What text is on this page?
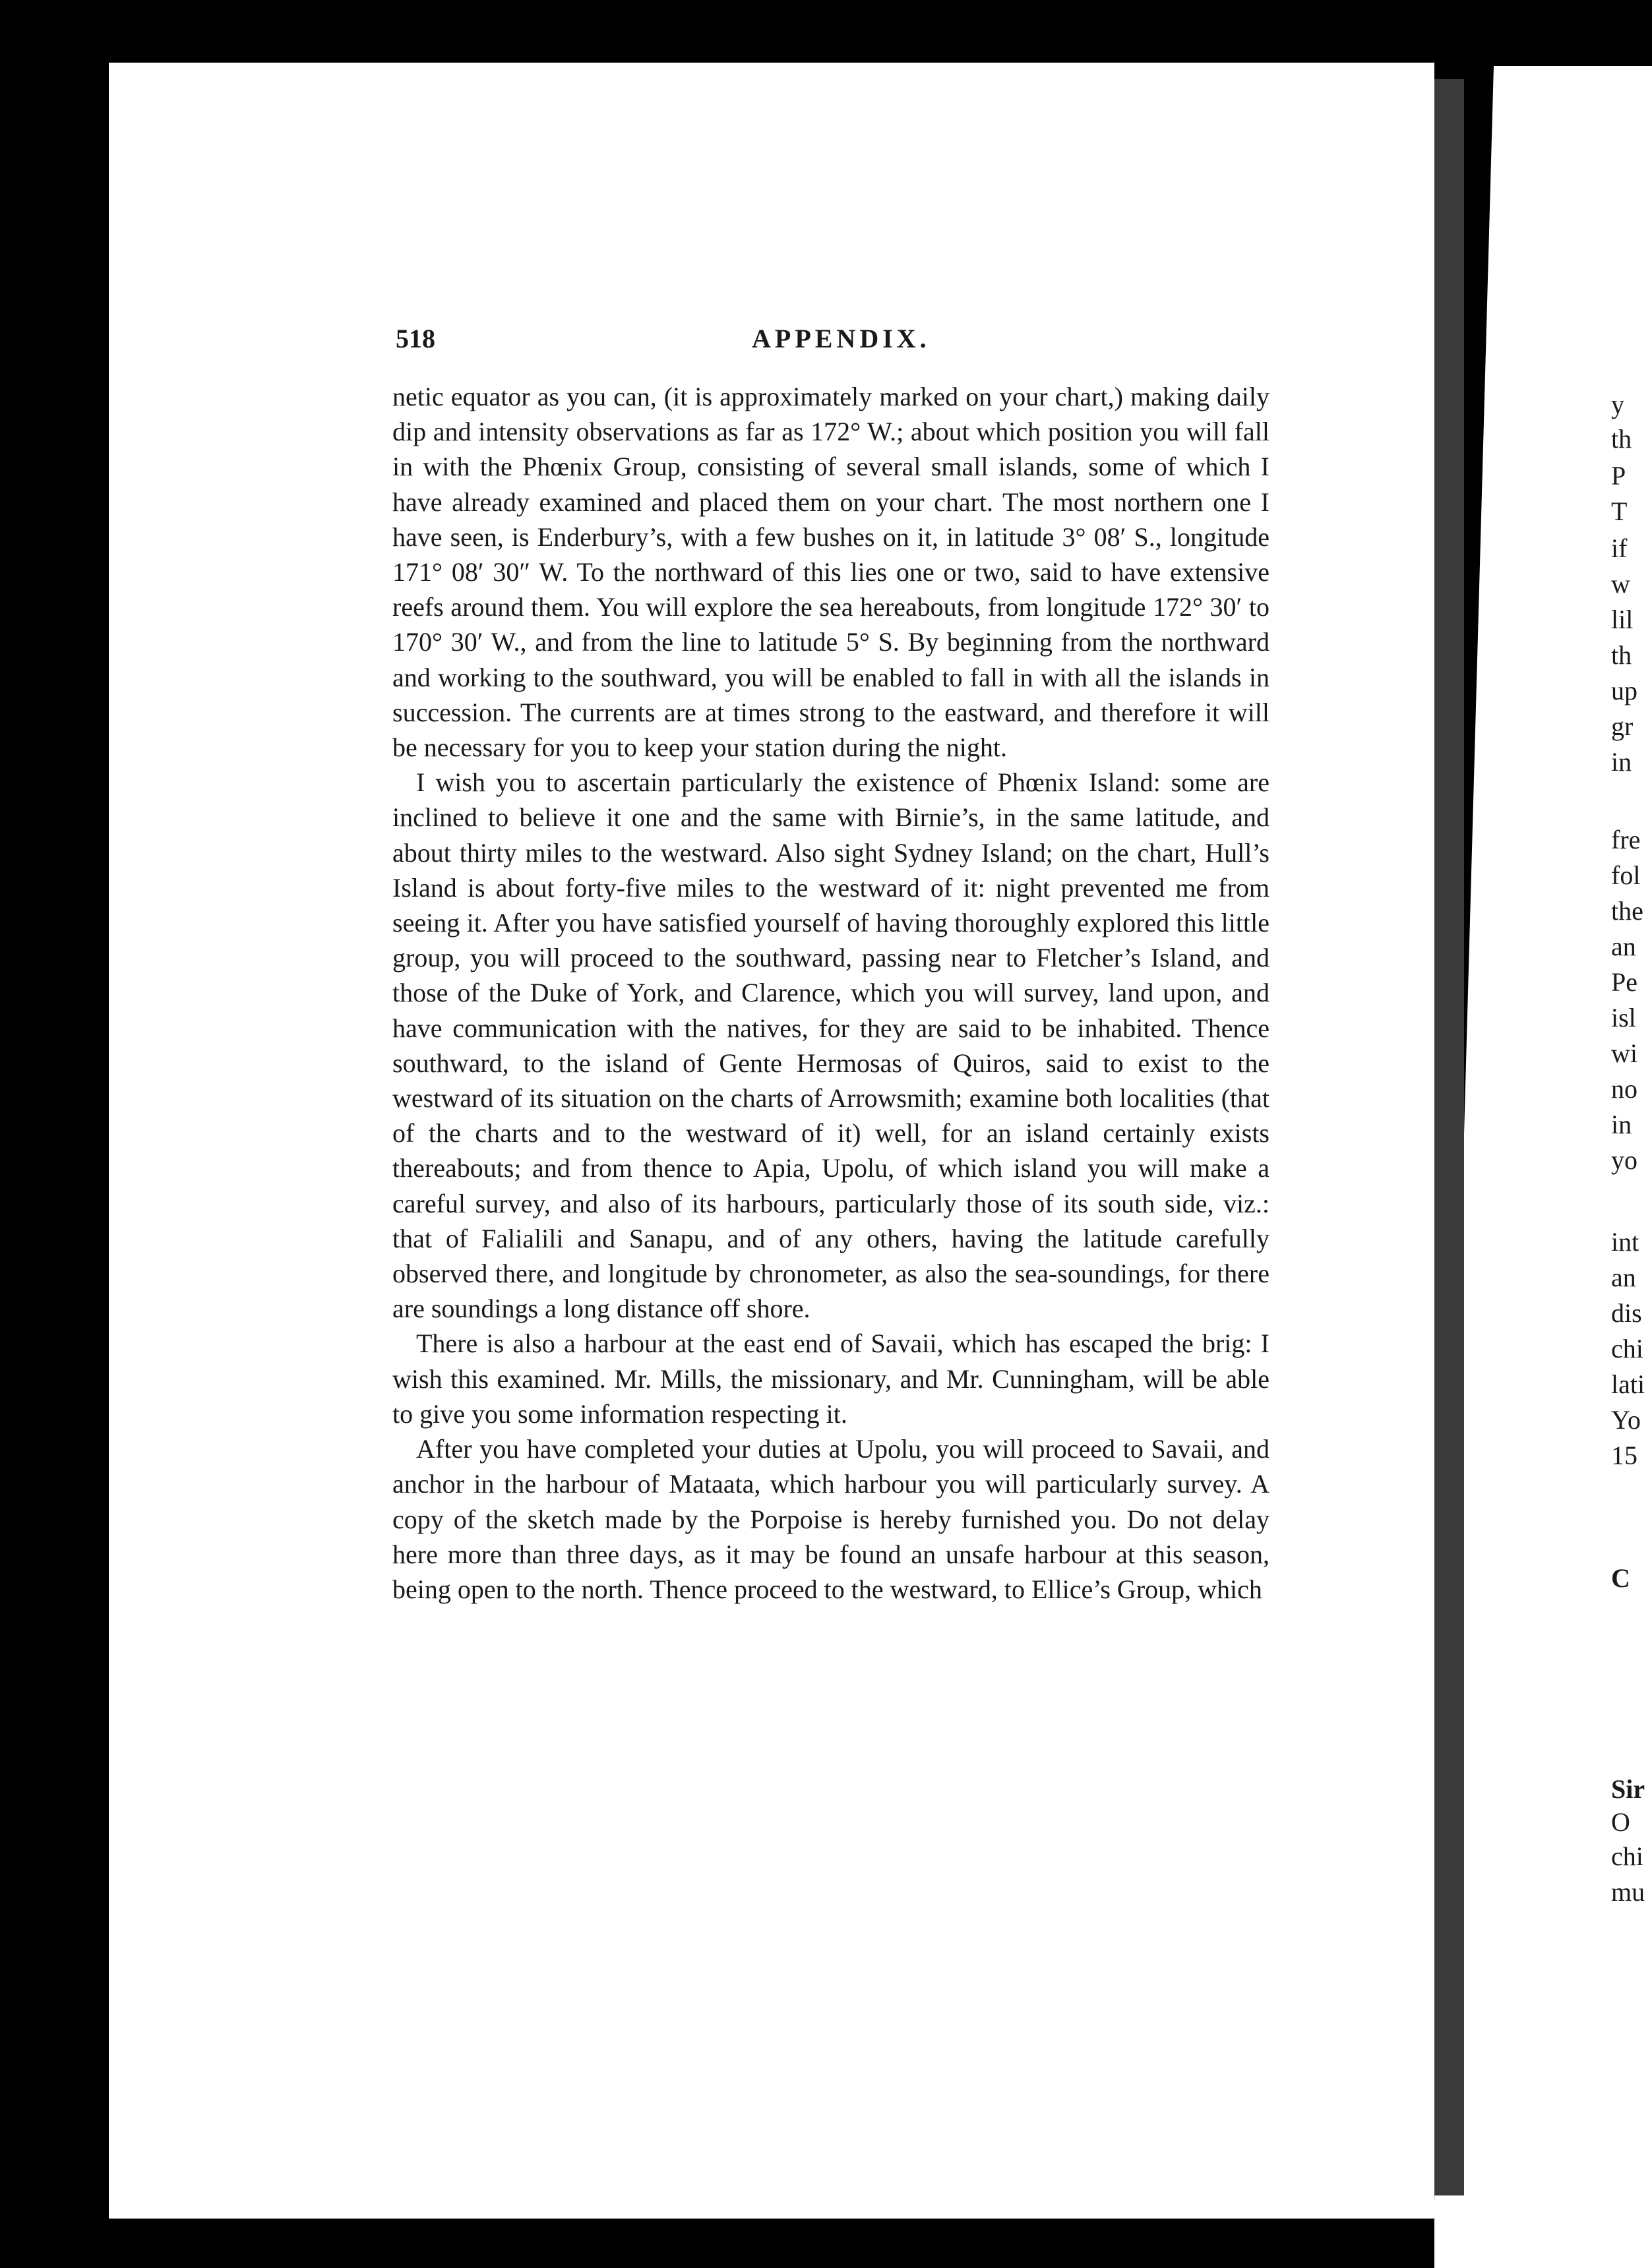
518	APPENDIX.

netic equator as you can, (it is approximately marked on your chart,) making daily dip and intensity observations as far as 172° W.; about which position you will fall in with the Phœnix Group, consisting of several small islands, some of which I have already examined and placed them on your chart. The most northern one I have seen, is Enderbury’s, with a few bushes on it, in latitude 3° 08′ S., longitude 171° 08′ 30″ W. To the northward of this lies one or two, said to have extensive reefs around them. You will explore the sea hereabouts, from longitude 172° 30′ to 170° 30′ W., and from the line to latitude 5° S. By beginning from the northward and working to the southward, you will be enabled to fall in with all the islands in succession. The currents are at times strong to the eastward, and therefore it will be necessary for you to keep your station during the night.

I wish you to ascertain particularly the existence of Phœnix Island: some are inclined to believe it one and the same with Birnie’s, in the same latitude, and about thirty miles to the westward. Also sight Sydney Island; on the chart, Hull’s Island is about forty-five miles to the westward of it: night prevented me from seeing it. After you have satisfied yourself of having thoroughly explored this little group, you will proceed to the southward, passing near to Fletcher’s Island, and those of the Duke of York, and Clarence, which you will survey, land upon, and have communication with the natives, for they are said to be inhabited. Thence southward, to the island of Gente Hermosas of Quiros, said to exist to the westward of its situation on the charts of Arrowsmith; examine both localities (that of the charts and to the westward of it) well, for an island certainly exists thereabouts; and from thence to Apia, Upolu, of which island you will make a careful survey, and also of its harbours, particularly those of its south side, viz.: that of Falialili and Sanapu, and of any others, having the latitude carefully observed there, and longitude by chronometer, as also the sea-soundings, for there are soundings a long distance off shore.

There is also a harbour at the east end of Savaii, which has escaped the brig: I wish this examined. Mr. Mills, the missionary, and Mr. Cunningham, will be able to give you some information respecting it.

After you have completed your duties at Upolu, you will proceed to Savaii, and anchor in the harbour of Mataata, which harbour you will particularly survey. A copy of the sketch made by the Porpoise is hereby furnished you. Do not delay here more than three days, as it may be found an unsafe harbour at this season, being open to the north. Thence proceed to the westward, to Ellice’s Group, which

y
th
P
T
if
w
lil
th
up
gr
in
fre
fol
the
an
Pe
isl
wi
no
in
yo
int
an
dis
chi
lati
Yo
15
C
Sir
O
chi
mu
